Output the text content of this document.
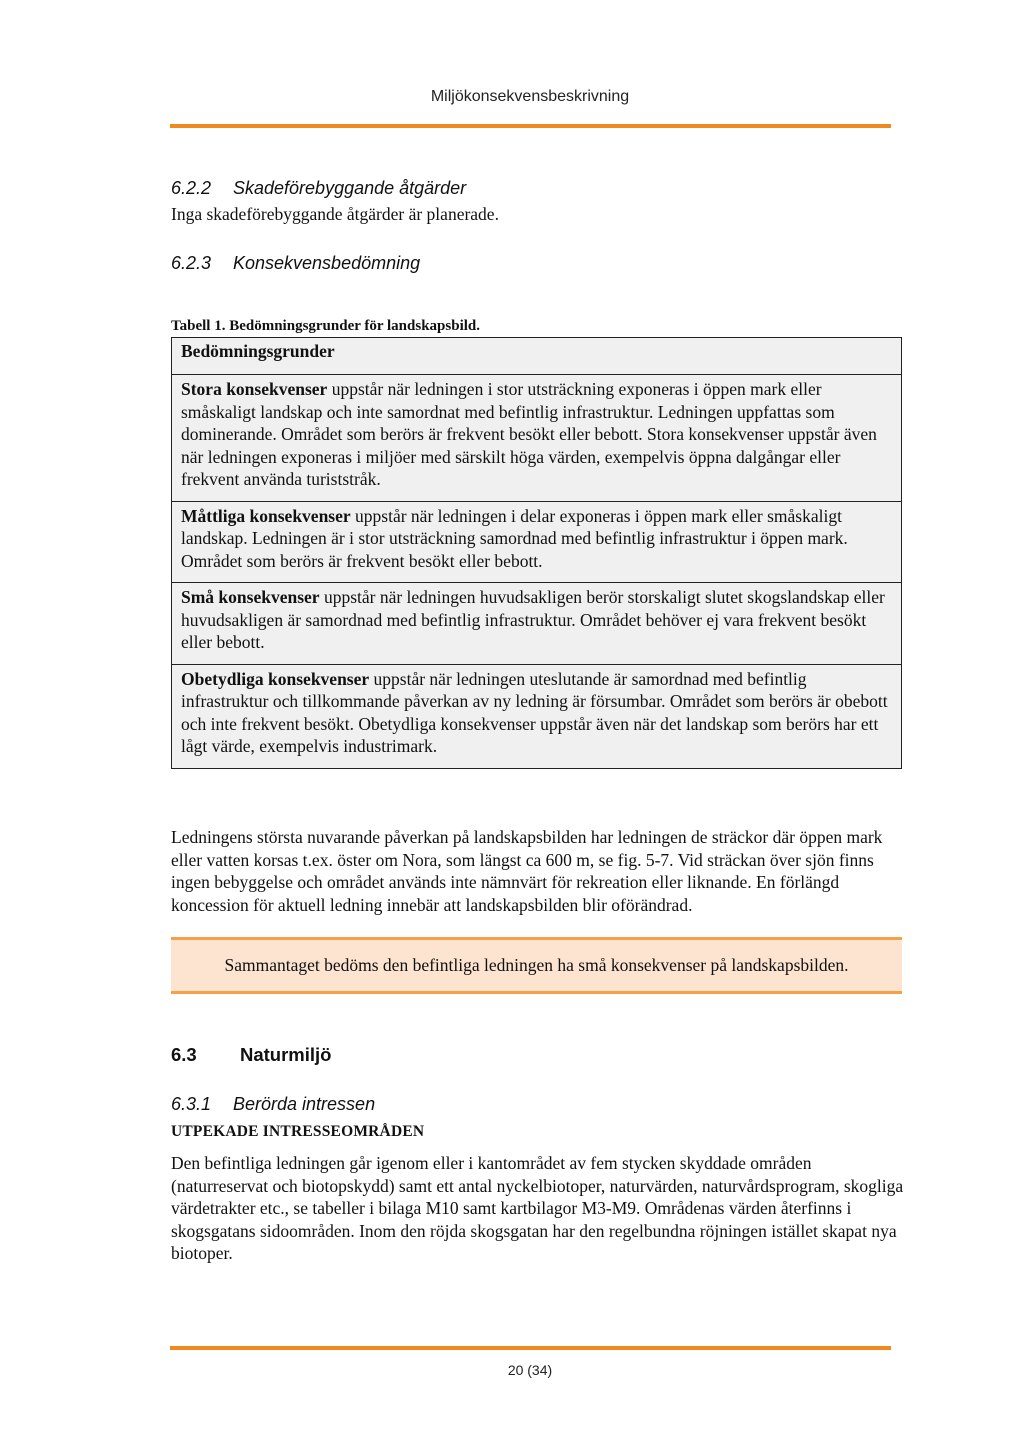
Miljökonsekvensbeskrivning
6.2.2 Skadeförebyggande åtgärder
Inga skadeförebyggande åtgärder är planerade.
6.2.3 Konsekvensbedömning
Tabell 1. Bedömningsgrunder för landskapsbild.
Bedömningsgrunder
Stora konsekvenser uppstår när ledningen i stor utsträckning exponeras i öppen mark eller småskaligt landskap och inte samordnat med befintlig infrastruktur. Ledningen uppfattas som dominerande. Området som berörs är frekvent besökt eller bebott. Stora konsekvenser uppstår även när ledningen exponeras i miljöer med särskilt höga värden, exempelvis öppna dalgångar eller frekvent använda turiststråk.
Måttliga konsekvenser uppstår när ledningen i delar exponeras i öppen mark eller småskaligt landskap. Ledningen är i stor utsträckning samordnad med befintlig infrastruktur i öppen mark. Området som berörs är frekvent besökt eller bebott.
Små konsekvenser uppstår när ledningen huvudsakligen berör storskaligt slutet skogslandskap eller huvudsakligen är samordnad med befintlig infrastruktur. Området behöver ej vara frekvent besökt eller bebott.
Obetydliga konsekvenser uppstår när ledningen uteslutande är samordnad med befintlig infrastruktur och tillkommande påverkan av ny ledning är försumbar. Området som berörs är obebott och inte frekvent besökt. Obetydliga konsekvenser uppstår även när det landskap som berörs har ett lågt värde, exempelvis industrimark.
Ledningens största nuvarande påverkan på landskapsbilden har ledningen de sträckor där öppen mark eller vatten korsas t.ex. öster om Nora, som längst ca 600 m, se fig. 5-7. Vid sträckan över sjön finns ingen bebyggelse och området används inte nämnvärt för rekreation eller liknande. En förlängd koncession för aktuell ledning innebär att landskapsbilden blir oförändrad.
Sammantaget bedöms den befintliga ledningen ha små konsekvenser på landskapsbilden.
6.3 Naturmiljö
6.3.1 Berörda intressen
UTPEKADE INTRESSEOMRÅDEN
Den befintliga ledningen går igenom eller i kantområdet av fem stycken skyddade områden (naturreservat och biotopskydd) samt ett antal nyckelbiotoper, naturvärden, naturvårdsprogram, skogliga värdetrakter etc., se tabeller i bilaga M10 samt kartbilagor M3-M9. Områdenas värden återfinns i skogsgatans sidoområden. Inom den röjda skogsgatan har den regelbundna röjningen istället skapat nya biotoper.
20 (34)
